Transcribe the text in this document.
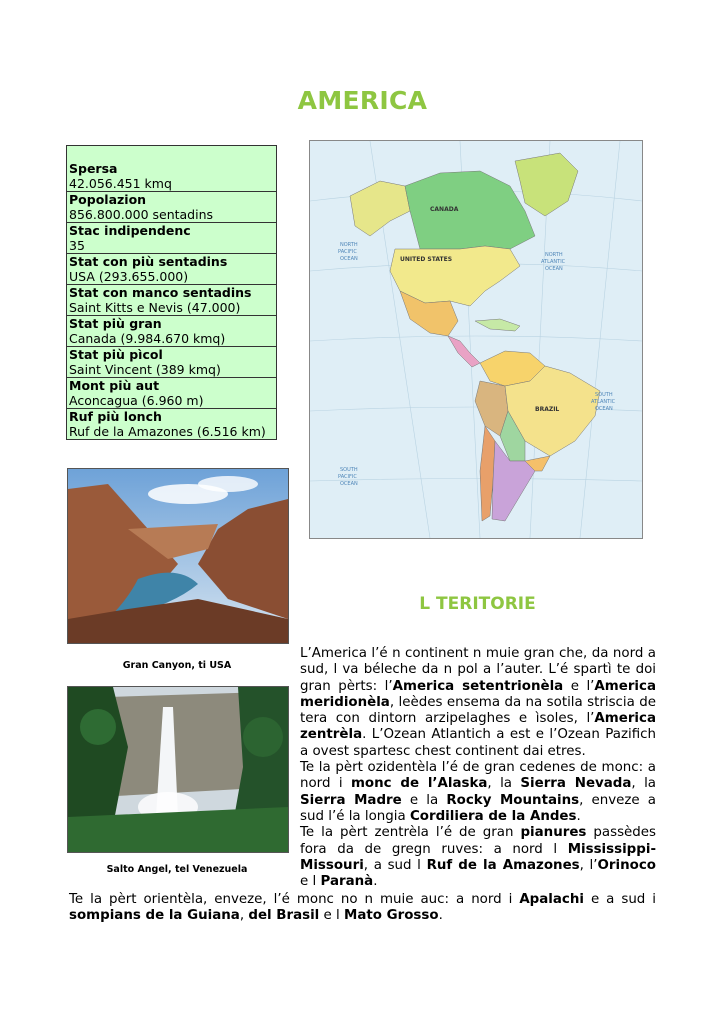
AMERICA
Spersa
42.056.451 kmq

Popolazion
856.800.000 sentadins

Stac indipendenc
35

Stat con più sentadins
USA (293.655.000)

Stat con manco sentadins
Saint Kitts e Nevis (47.000)

Stat più gran
Canada (9.984.670 kmq)

Stat più pìcol
Saint Vincent (389 kmq)

Mont più aut
Aconcagua (6.960 m)

Ruf più lonch
Ruf de la Amazones (6.516 km)
CANADA
UNITED STATES
BRAZIL
NORTH
PACIFIC
OCEAN
NORTH
ATLANTIC
OCEAN
SOUTH
PACIFIC
OCEAN
SOUTH
ATLANTIC
OCEAN
Gran Canyon, ti USA
Salto Angel, tel Venezuela
L TERITORIE

L’America l’é n continent n muie gran che, da nord a sud, l va béleche da n pol a l’auter. L’é spartì te doi gran pèrts: l’America setentrionèla e l’America meridionèla, leèdes ensema da na sotila striscia de tera con dintorn arzipelaghes e ìsoles, l’America zentrèla. L’Ozean Atlantich a est e l’Ozean Pazifich a ovest spartesc chest continent dai etres.

Te la pèrt ozidentèla l’é de gran cedenes de monc: a nord i monc de l’Alaska, la Sierra Nevada, la Sierra Madre e la Rocky Mountains, enveze a sud l’é la longia Cordiliera de la Andes.

Te la pèrt zentrèla l’é de gran pianures passèdes fora da de gregn ruves: a nord l Mississippi-Missouri, a sud l Ruf de la Amazones, l’Orinoco e l Paranà.

Te la pèrt orientèla, enveze, l’é monc no n muie auc: a nord i Apalachi e a sud i sompians de la Guiana, del Brasil e l Mato Grosso.
